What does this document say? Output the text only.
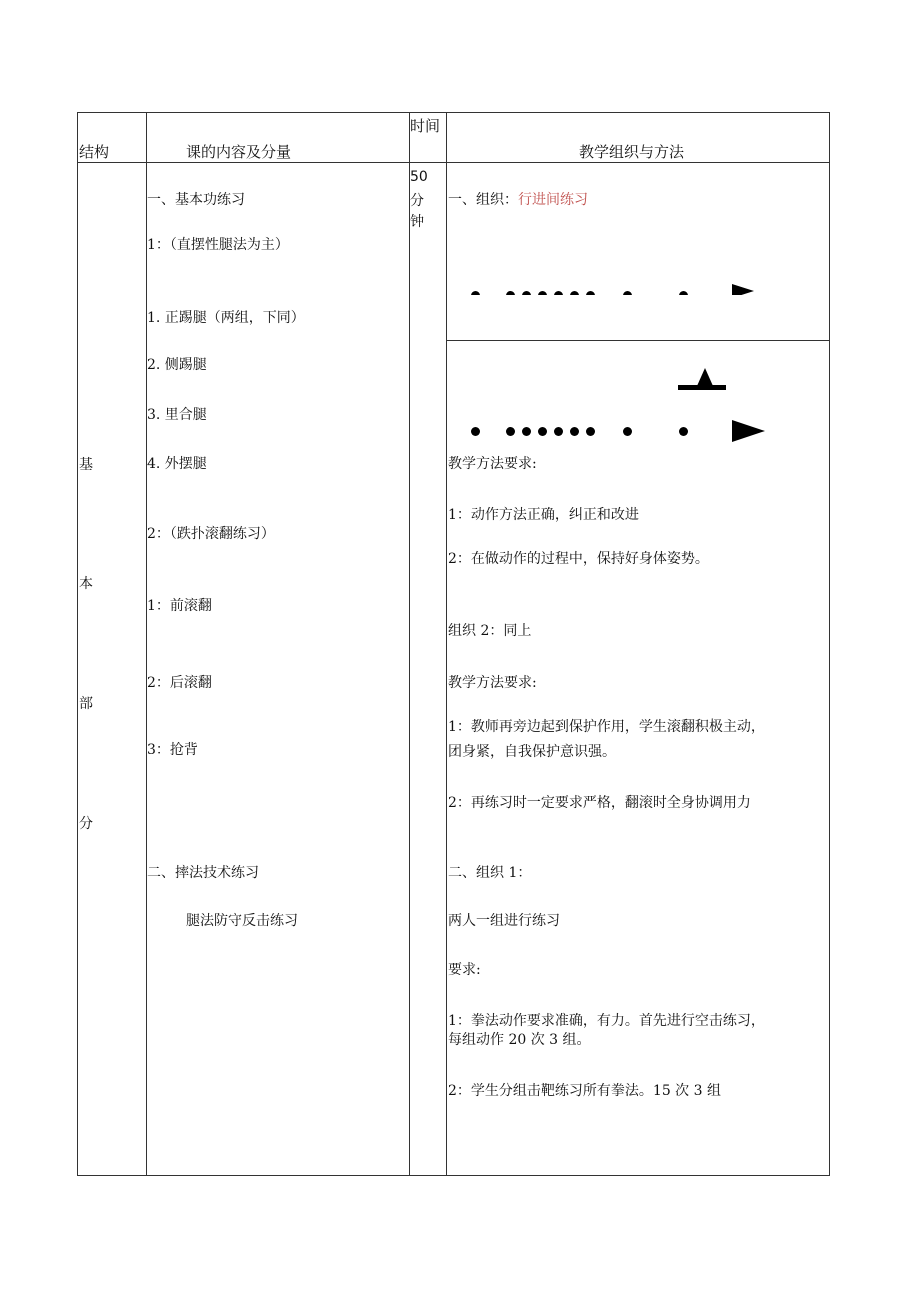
结构	课的内容及分量
时间
教学组织与方法
基
本
部
分
50
分
钟
一、基本功练习
1：（直摆性腿法为主）
1. 正踢腿（两组，下同）
2. 侧踢腿
3. 里合腿
4. 外摆腿
2：（跌扑滚翻练习）
1：前滚翻
2：后滚翻
3：抢背
二、摔法技术练习
腿法防守反击练习
一、组织：行进间练习
教学方法要求:
1：动作方法正确，纠正和改进
2：在做动作的过程中，保持好身体姿势。
组织 2：同上
教学方法要求:
1：教师再旁边起到保护作用，学生滚翻积极主动，
团身紧，自我保护意识强。
2：再练习时一定要求严格，翻滚时全身协调用力
二、组织 1：
两人一组进行练习
要求:
1：拳法动作要求准确，有力。首先进行空击练习，
每组动作 20 次 3 组。
2：学生分组击靶练习所有拳法。15 次 3 组
